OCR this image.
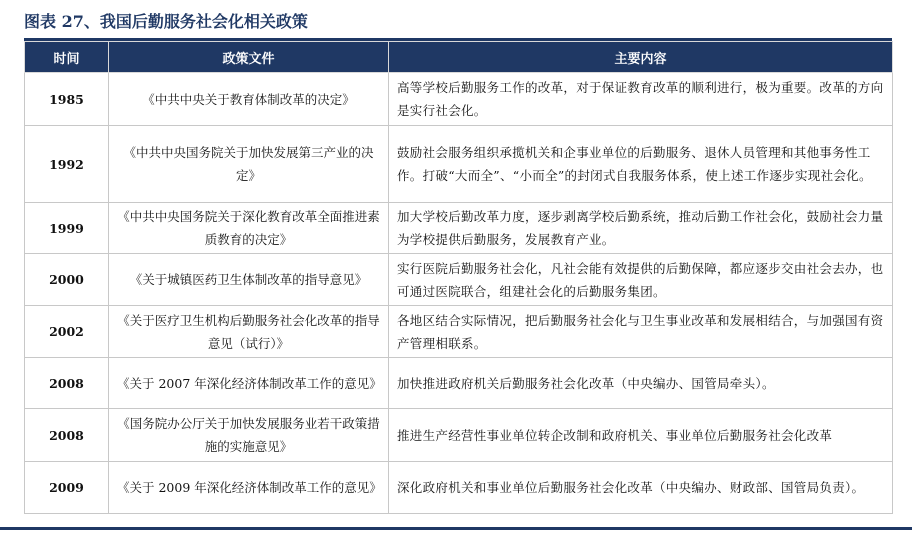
图表 27、我国后勤服务社会化相关政策
时间	政策文件	主要内容
1985	《中共中央关于教育体制改革的决定》	高等学校后勤服务工作的改革，对于保证教育改革的顺利进行，极为重要。改革的方向是实行社会化。
1992	《中共中央国务院关于加快发展第三产业的决定》	鼓励社会服务组织承揽机关和企事业单位的后勤服务、退休人员管理和其他事务性工作。打破“大而全”、“小而全”的封闭式自我服务体系，使上述工作逐步实现社会化。
1999	《中共中央国务院关于深化教育改革全面推进素质教育的决定》	加大学校后勤改革力度，逐步剥离学校后勤系统，推动后勤工作社会化，鼓励社会力量为学校提供后勤服务，发展教育产业。
2000	《关于城镇医药卫生体制改革的指导意见》	实行医院后勤服务社会化，凡社会能有效提供的后勤保障，都应逐步交由社会去办，也可通过医院联合，组建社会化的后勤服务集团。
2002	《关于医疗卫生机构后勤服务社会化改革的指导意见（试行）》	各地区结合实际情况，把后勤服务社会化与卫生事业改革和发展相结合，与加强国有资产管理相联系。
2008	《关于 2007 年深化经济体制改革工作的意见》	加快推进政府机关后勤服务社会化改革（中央编办、国管局牵头）。
2008	《国务院办公厅关于加快发展服务业若干政策措施的实施意见》	推进生产经营性事业单位转企改制和政府机关、事业单位后勤服务社会化改革
2009	《关于 2009 年深化经济体制改革工作的意见》	深化政府机关和事业单位后勤服务社会化改革（中央编办、财政部、国管局负责）。
